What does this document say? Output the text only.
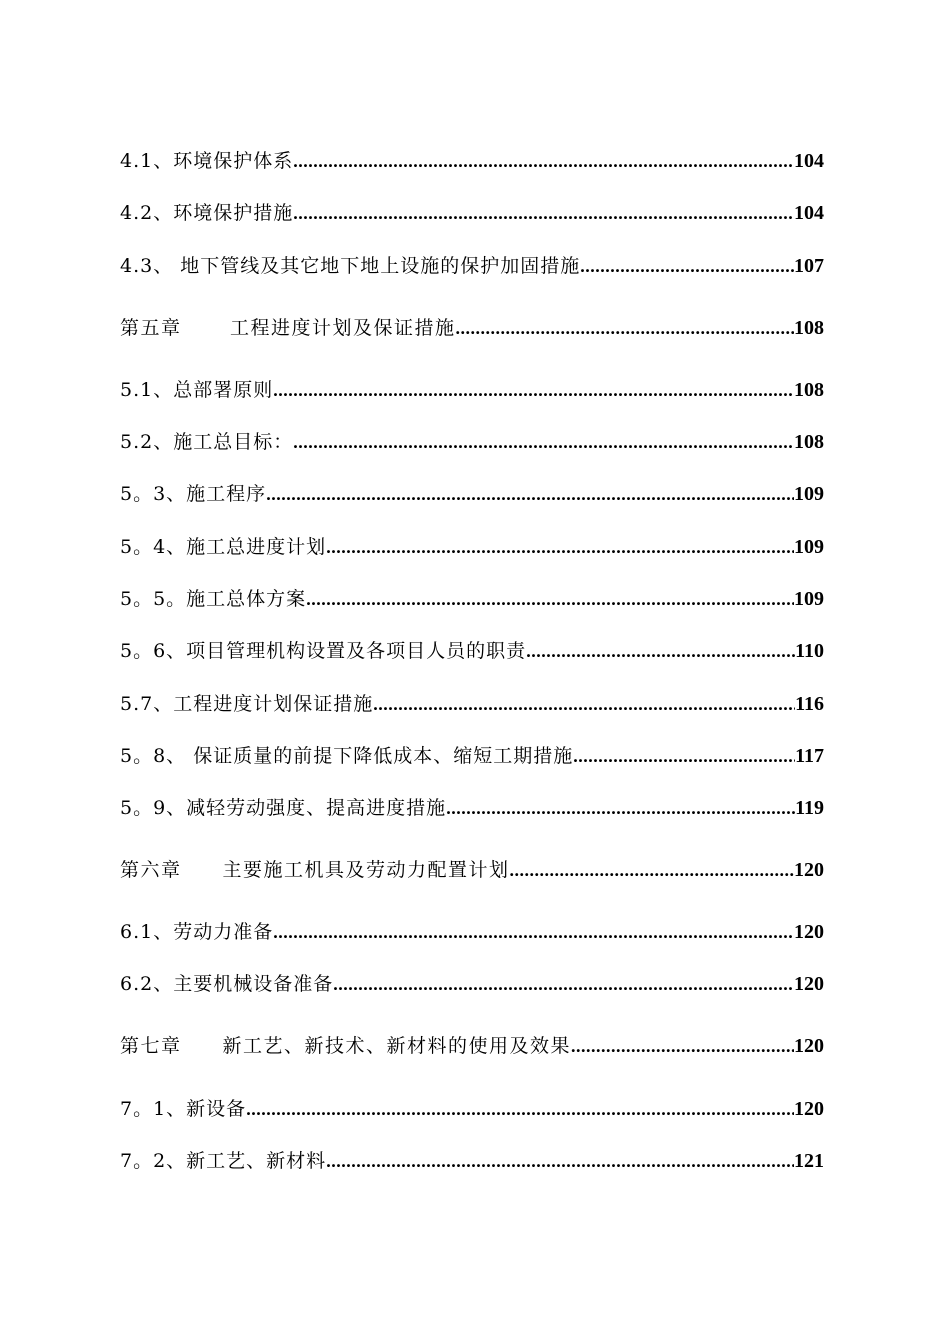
4.1、环境保护体系 .....	104
4.2、环境保护措施 .....	104
4.3、 地下管线及其它地下地上设施的保护加固措施 .....	107
第五章　　 工程进度计划及保证措施 .....	108
5.1、总部署原则 .....	108
5.2、施工总目标： .....	108
5。3、施工程序 .....	109
5。4、施工总进度计划 .....	109
5。5。施工总体方案 .....	109
5。6、项目管理机构设置及各项目人员的职责 .....	110
5.7、工程进度计划保证措施 .....	116
5。8、 保证质量的前提下降低成本、缩短工期措施 .....	117
5。9、减轻劳动强度、提高进度措施 .....	119
第六章　　主要施工机具及劳动力配置计划 .....	120
6.1、劳动力准备 .....	120
6.2、主要机械设备准备 .....	120
第七章　　新工艺、新技术、新材料的使用及效果 .....	120
7。1、新设备 .....	120
7。2、新工艺、新材料 .....	121
